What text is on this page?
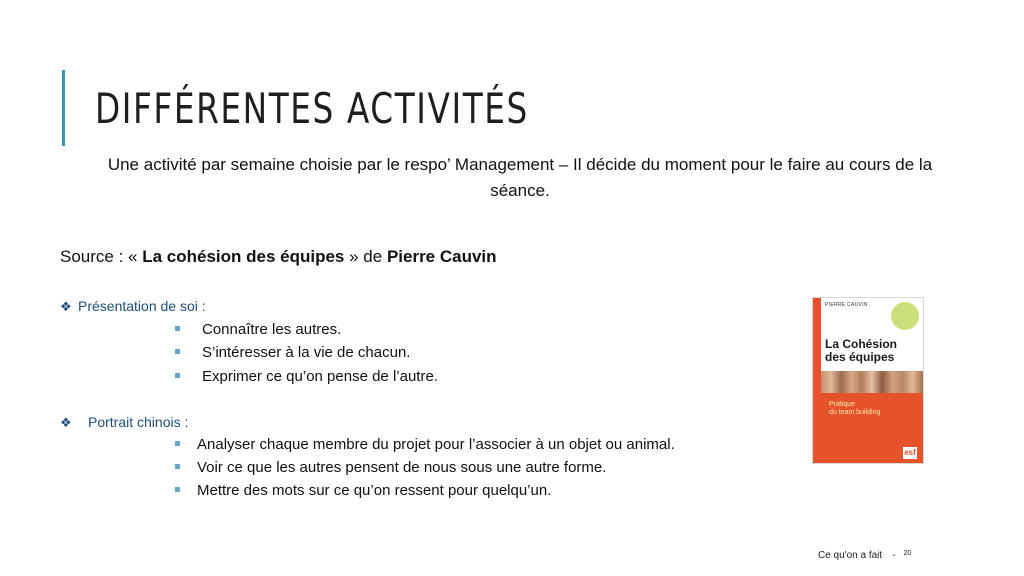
DIFFÉRENTES ACTIVITÉS
Une activité par semaine choisie par le respo’ Management – Il décide du moment pour le faire au cours de la séance.
Source : « La cohésion des équipes » de Pierre Cauvin
❖ Présentation de soi :
Connaître les autres.
S’intéresser à la vie de chacun.
Exprimer ce qu’on pense de l’autre.
❖ Portrait chinois :
Analyser chaque membre du projet pour l’associer à un objet ou animal.
Voir ce que les autres pensent de nous sous une autre forme.
Mettre des mots sur ce qu’on ressent pour quelqu’un.
PIERRE CAUVIN
La Cohésion
des équipes
Pratique
du team building
esf
Ce qu'on a fait - $^{20}$
